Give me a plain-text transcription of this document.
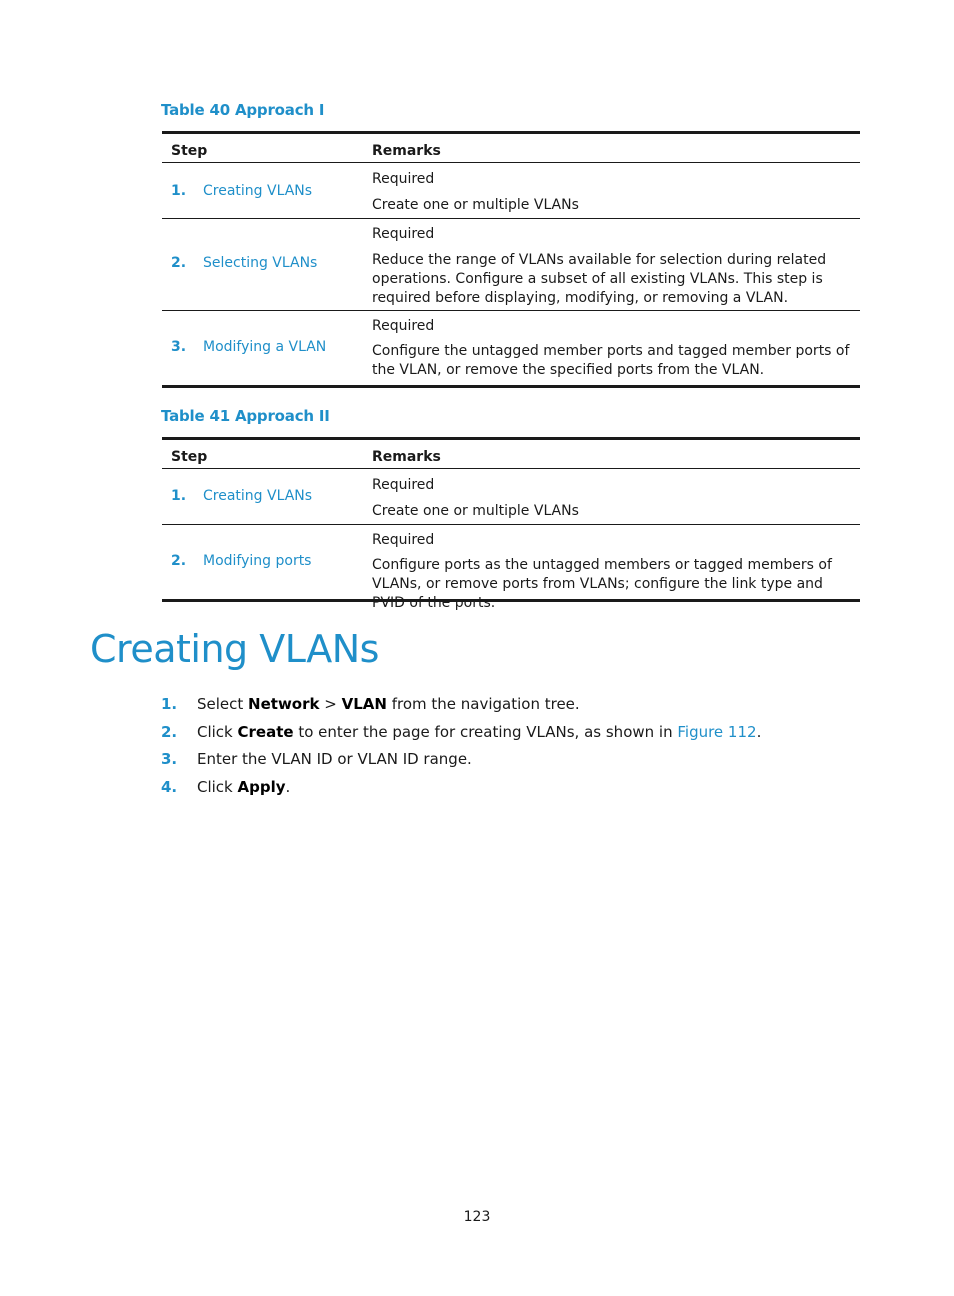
Table 40 Approach I
Step	Remarks
1. Creating VLANs
Required
Create one or multiple VLANs
2. Selecting VLANs
Required
Reduce the range of VLANs available for selection during related operations. Configure a subset of all existing VLANs. This step is required before displaying, modifying, or removing a VLAN.
3. Modifying a VLAN
Required
Configure the untagged member ports and tagged member ports of the VLAN, or remove the specified ports from the VLAN.
Table 41 Approach II
Step	Remarks
1. Creating VLANs
Required
Create one or multiple VLANs
2. Modifying ports
Required
Configure ports as the untagged members or tagged members of VLANs, or remove ports from VLANs; configure the link type and PVID of the ports.
Creating VLANs
1. Select Network > VLAN from the navigation tree.
2. Click Create to enter the page for creating VLANs, as shown in Figure 112.
3. Enter the VLAN ID or VLAN ID range.
4. Click Apply.
123
